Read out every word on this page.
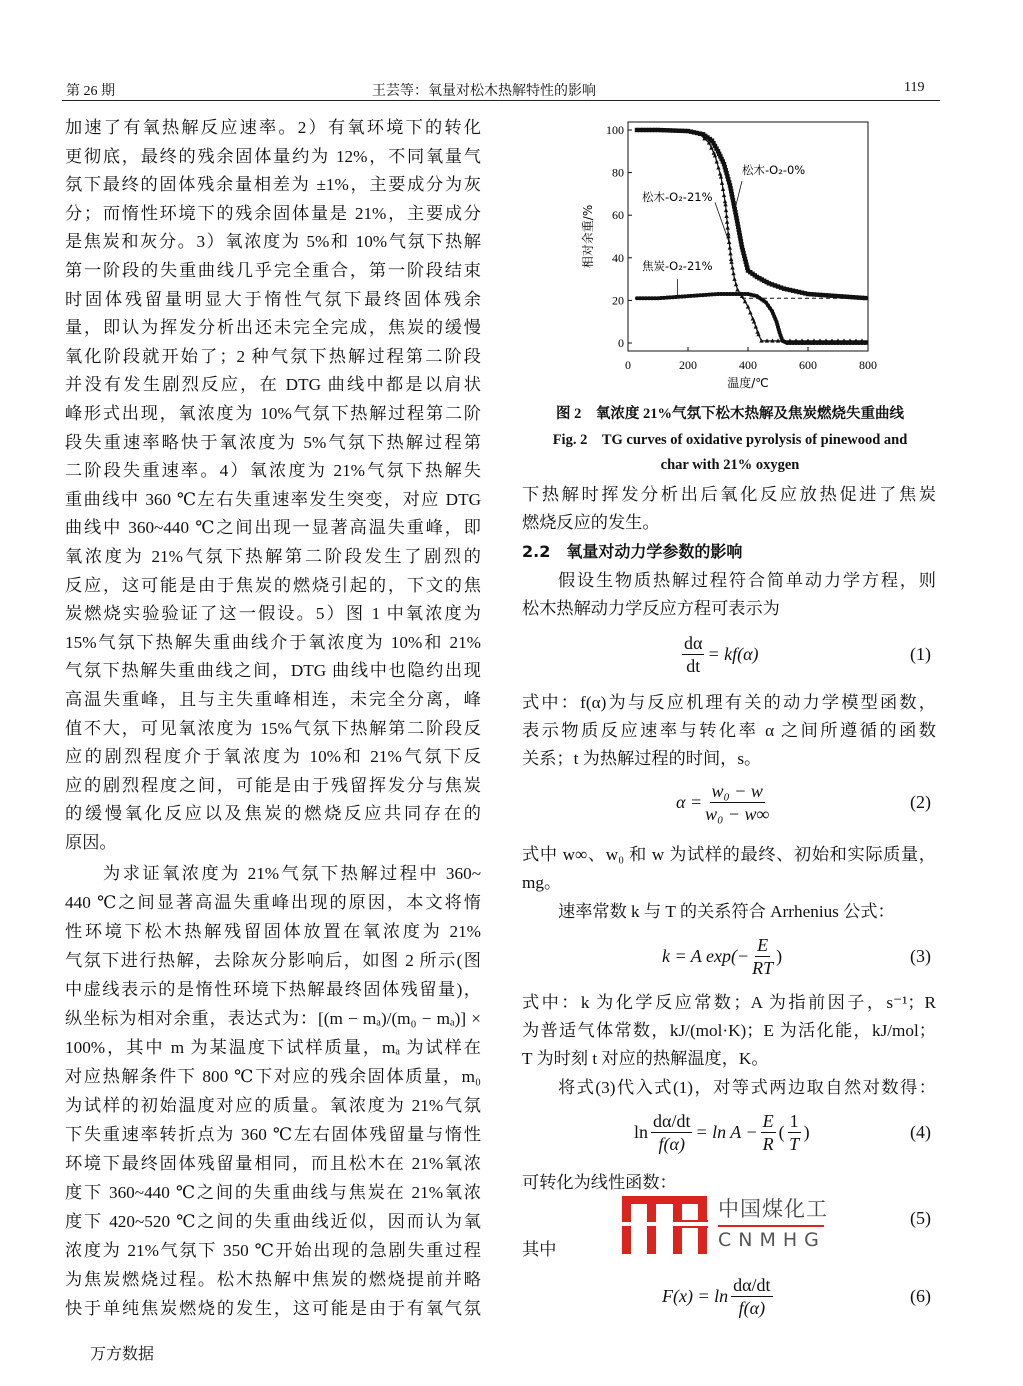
第 26 期	王芸等：氧量对松木热解特性的影响	119
加速了有氧热解反应速率。2）有氧环境下的转化
更彻底，最终的残余固体量约为 12%，不同氧量气
氛下最终的固体残余量相差为 ±1%，主要成分为灰
分；而惰性环境下的残余固体量是 21%，主要成分
是焦炭和灰分。3）氧浓度为 5%和 10%气氛下热解
第一阶段的失重曲线几乎完全重合，第一阶段结束
时固体残留量明显大于惰性气氛下最终固体残余
量，即认为挥发分析出还未完全完成，焦炭的缓慢
氧化阶段就开始了；2 种气氛下热解过程第二阶段
并没有发生剧烈反应，在 DTG 曲线中都是以肩状
峰形式出现，氧浓度为 10%气氛下热解过程第二阶
段失重速率略快于氧浓度为 5%气氛下热解过程第
二阶段失重速率。4）氧浓度为 21%气氛下热解失
重曲线中 360 ℃左右失重速率发生突变，对应 DTG
曲线中 360~440 ℃之间出现一显著高温失重峰，即
氧浓度为 21%气氛下热解第二阶段发生了剧烈的
反应，这可能是由于焦炭的燃烧引起的，下文的焦
炭燃烧实验验证了这一假设。5）图 1 中氧浓度为
15%气氛下热解失重曲线介于氧浓度为 10%和 21%
气氛下热解失重曲线之间，DTG 曲线中也隐约出现
高温失重峰，且与主失重峰相连，未完全分离，峰
值不大，可见氧浓度为 15%气氛下热解第二阶段反
应的剧烈程度介于氧浓度为 10%和 21%气氛下反
应的剧烈程度之间，可能是由于残留挥发分与焦炭
的缓慢氧化反应以及焦炭的燃烧反应共同存在的
原因。
为求证氧浓度为 21%气氛下热解过程中 360~
440 ℃之间显著高温失重峰出现的原因，本文将惰
性环境下松木热解残留固体放置在氧浓度为 21%
气氛下进行热解，去除灰分影响后，如图 2 所示(图
中虚线表示的是惰性环境下热解最终固体残留量)，
纵坐标为相对余重，表达式为：[(m − mₐ)/(m₀ − mₐ)] ×
100%，其中 m 为某温度下试样质量，mₐ 为试样在
对应热解条件下 800 ℃下对应的残余固体质量，m₀
为试样的初始温度对应的质量。氧浓度为 21%气氛
下失重速率转折点为 360 ℃左右固体残留量与惰性
环境下最终固体残留量相同，而且松木在 21%氧浓
度下 360~440 ℃之间的失重曲线与焦炭在 21%氧浓
度下 420~520 ℃之间的失重曲线近似，因而认为氧
浓度为 21%气氛下 350 ℃开始出现的急剧失重过程
为焦炭燃烧过程。松木热解中焦炭的燃烧提前并略
快于单纯焦炭燃烧的发生，这可能是由于有氧气氛
0	200	400	600	800
0
20
40
60
80
100
温度/℃
相对余重/%
松木-O₂-0%
松木-O₂-21%
焦炭-O₂-21%
图 2　氧浓度 21%气氛下松木热解及焦炭燃烧失重曲线
Fig. 2　TG curves of oxidative pyrolysis of pinewood and
char with 21% oxygen
下热解时挥发分析出后氧化反应放热促进了焦炭
燃烧反应的发生。
2.2　氧量对动力学参数的影响
假设生物质热解过程符合简单动力学方程，则
松木热解动力学反应方程可表示为
$\frac{d\alpha}{dt} = kf(\alpha)$	(1)
式中：f(α)为与反应机理有关的动力学模型函数，
表示物质反应速率与转化率 α 之间所遵循的函数
关系；t 为热解过程的时间，s。
$\alpha = \frac{\text{w₀ − w}}{\text{w₀ − w∞}}$	(2)
式中 w∞、w₀ 和 w 为试样的最终、初始和实际质量，
mg。
速率常数 k 与 T 的关系符合 Arrhenius 公式：
k = A $\exp(- \frac{E}{RT}$ )	(3)
式中：k 为化学反应常数；A 为指前因子，s⁻¹；R
为普适气体常数，kJ/(mol·K)；E 为活化能，kJ/mol；
T 为时刻 t 对应的热解温度，K。
将式(3)代入式(1)，对等式两边取自然对数得：
$\ln \frac{d\alpha/dt}{f(\alpha)} = \ln A - \frac{E}{R}$ ( $\frac{1}{T}$ )	(4)
可转化为线性函数：
中国煤化工
CNMHG
(5)
其中
$F(x) = \ln \frac{d\alpha/dt}{f(\alpha)}$	(6)
万方数据
